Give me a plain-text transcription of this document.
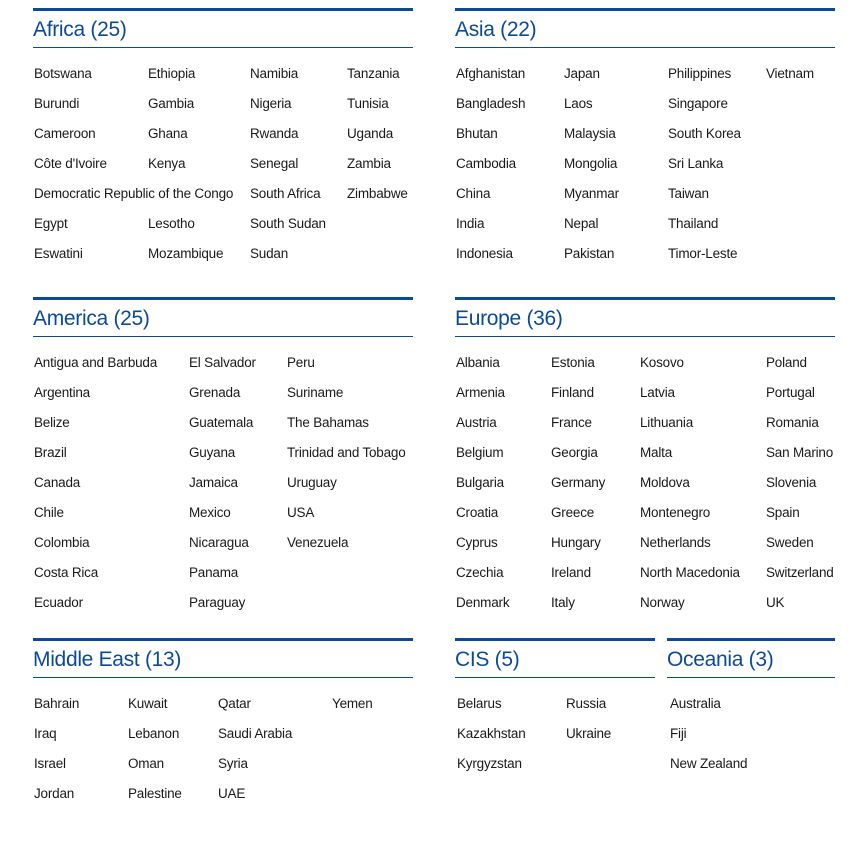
Africa (25)
Botswana
Burundi
Cameroon
Côte d'Ivoire
Democratic Republic of the Congo
Egypt
Eswatini
Ethiopia
Gambia
Ghana
Kenya
Lesotho
Mozambique
Namibia
Nigeria
Rwanda
Senegal
South Africa
South Sudan
Sudan
Tanzania
Tunisia
Uganda
Zambia
Zimbabwe
Asia (22)
Afghanistan
Bangladesh
Bhutan
Cambodia
China
India
Indonesia
Japan
Laos
Malaysia
Mongolia
Myanmar
Nepal
Pakistan
Philippines
Singapore
South Korea
Sri Lanka
Taiwan
Thailand
Timor-Leste
Vietnam
America (25)
Antigua and Barbuda
Argentina
Belize
Brazil
Canada
Chile
Colombia
Costa Rica
Ecuador
El Salvador
Grenada
Guatemala
Guyana
Jamaica
Mexico
Nicaragua
Panama
Paraguay
Peru
Suriname
The Bahamas
Trinidad and Tobago
Uruguay
USA
Venezuela
Europe (36)
Albania
Armenia
Austria
Belgium
Bulgaria
Croatia
Cyprus
Czechia
Denmark
Estonia
Finland
France
Georgia
Germany
Greece
Hungary
Ireland
Italy
Kosovo
Latvia
Lithuania
Malta
Moldova
Montenegro
Netherlands
North Macedonia
Norway
Poland
Portugal
Romania
San Marino
Slovenia
Spain
Sweden
Switzerland
UK
Middle East (13)
Bahrain
Iraq
Israel
Jordan
Kuwait
Lebanon
Oman
Palestine
Qatar
Saudi Arabia
Syria
UAE
Yemen
CIS (5)
Belarus
Kazakhstan
Kyrgyzstan
Russia
Ukraine
Oceania (3)
Australia
Fiji
New Zealand
